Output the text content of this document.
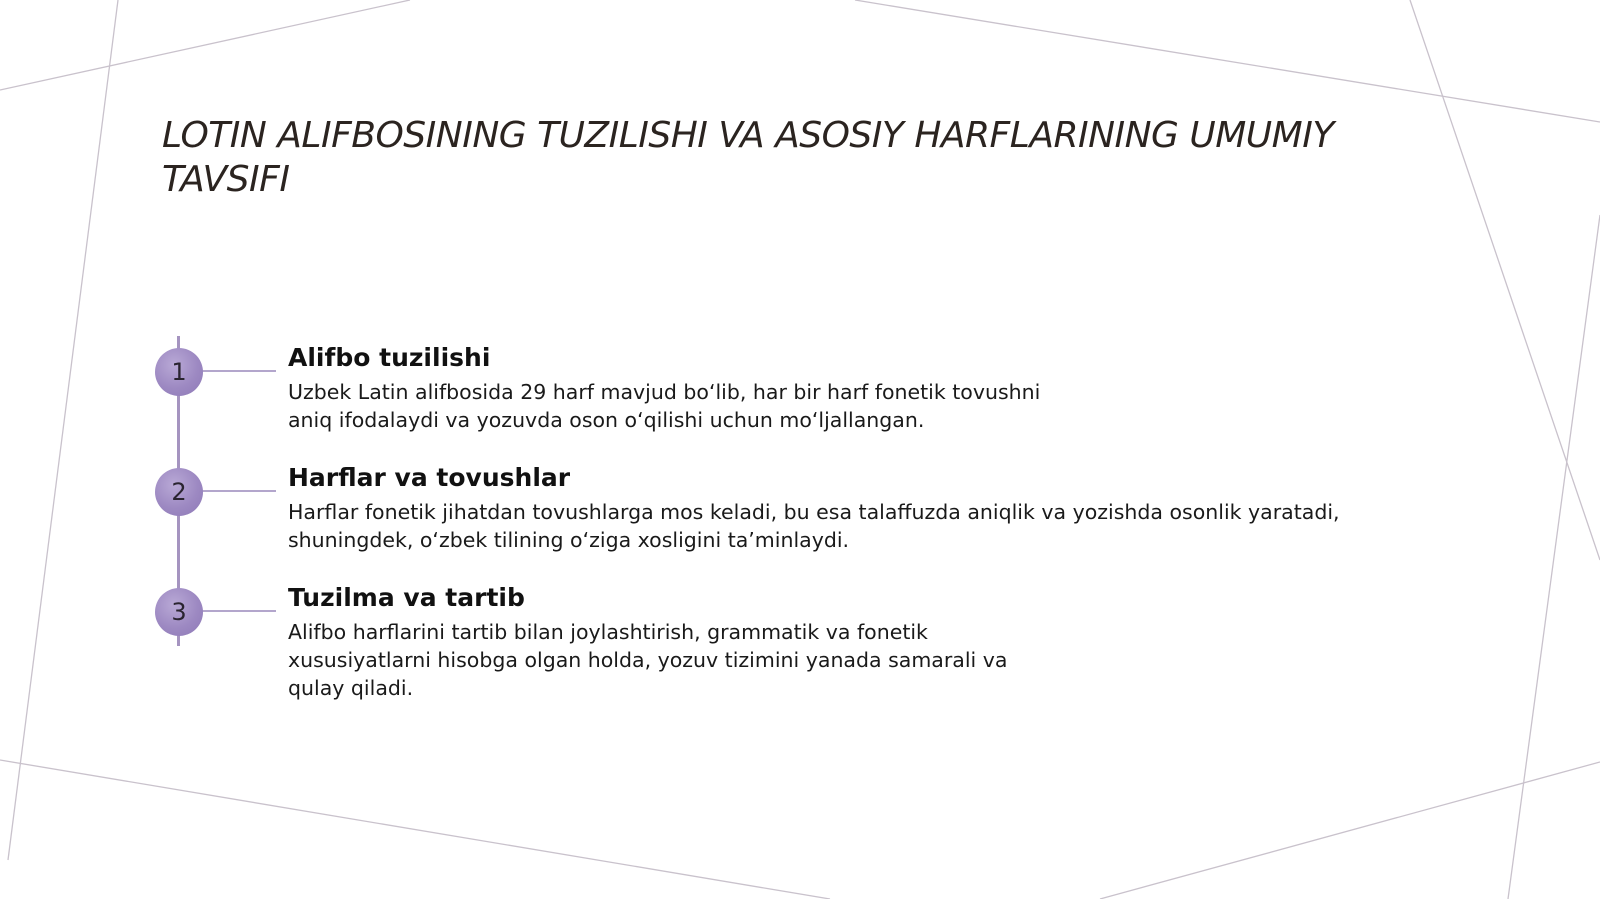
LOTIN ALIFBOSINING TUZILISHI VA ASOSIY HARFLARINING UMUMIY TAVSIFI
1	Alifbo tuzilishi

Uzbek Latin alifbosida 29 harf mavjud bo‘lib, har bir harf fonetik tovushni
aniq ifodalaydi va yozuvda oson o‘qilishi uchun mo‘ljallangan.

2	Harflar va tovushlar

Harflar fonetik jihatdan tovushlarga mos keladi, bu esa talaffuzda aniqlik va yozishda osonlik yaratadi,
shuningdek, o‘zbek tilining o‘ziga xosligini ta’minlaydi.

3	Tuzilma va tartib

Alifbo harflarini tartib bilan joylashtirish, grammatik va fonetik
xususiyatlarni hisobga olgan holda, yozuv tizimini yanada samarali va
qulay qiladi.
